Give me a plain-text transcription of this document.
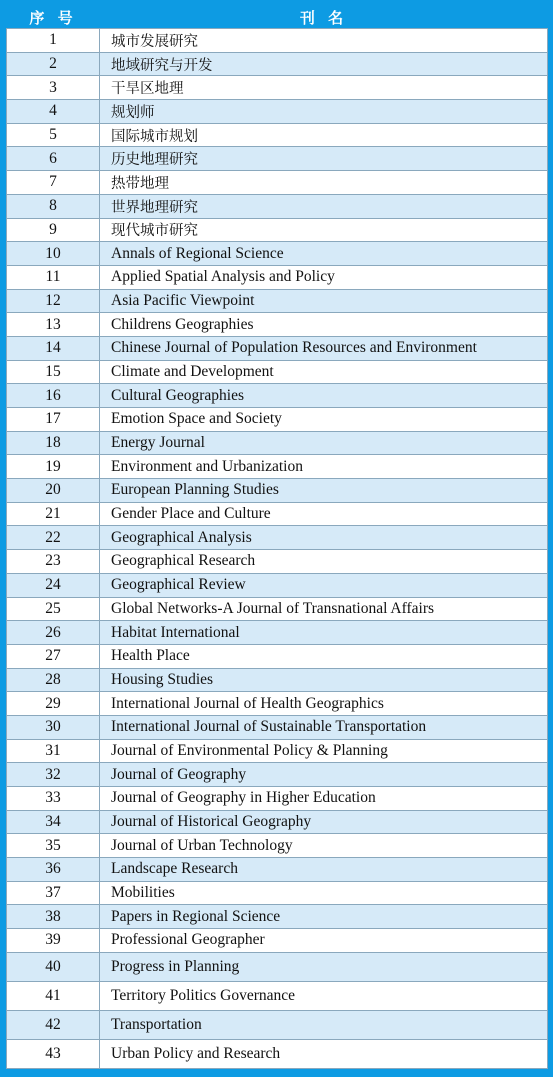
序 号	刊 名
1	城市发展研究
2	地域研究与开发
3	干旱区地理
4	规划师
5	国际城市规划
6	历史地理研究
7	热带地理
8	世界地理研究
9	现代城市研究
10	Annals of Regional Science
11	Applied Spatial Analysis and Policy
12	Asia Pacific Viewpoint
13	Childrens Geographies
14	Chinese Journal of Population Resources and Environment
15	Climate and Development
16	Cultural Geographies
17	Emotion Space and Society
18	Energy Journal
19	Environment and Urbanization
20	European Planning Studies
21	Gender Place and Culture
22	Geographical Analysis
23	Geographical Research
24	Geographical Review
25	Global Networks-A Journal of Transnational Affairs
26	Habitat International
27	Health Place
28	Housing Studies
29	International Journal of Health Geographics
30	International Journal of Sustainable Transportation
31	Journal of Environmental Policy & Planning
32	Journal of Geography
33	Journal of Geography in Higher Education
34	Journal of Historical Geography
35	Journal of Urban Technology
36	Landscape Research
37	Mobilities
38	Papers in Regional Science
39	Professional Geographer
40	Progress in Planning
41	Territory Politics Governance
42	Transportation
43	Urban Policy and Research
